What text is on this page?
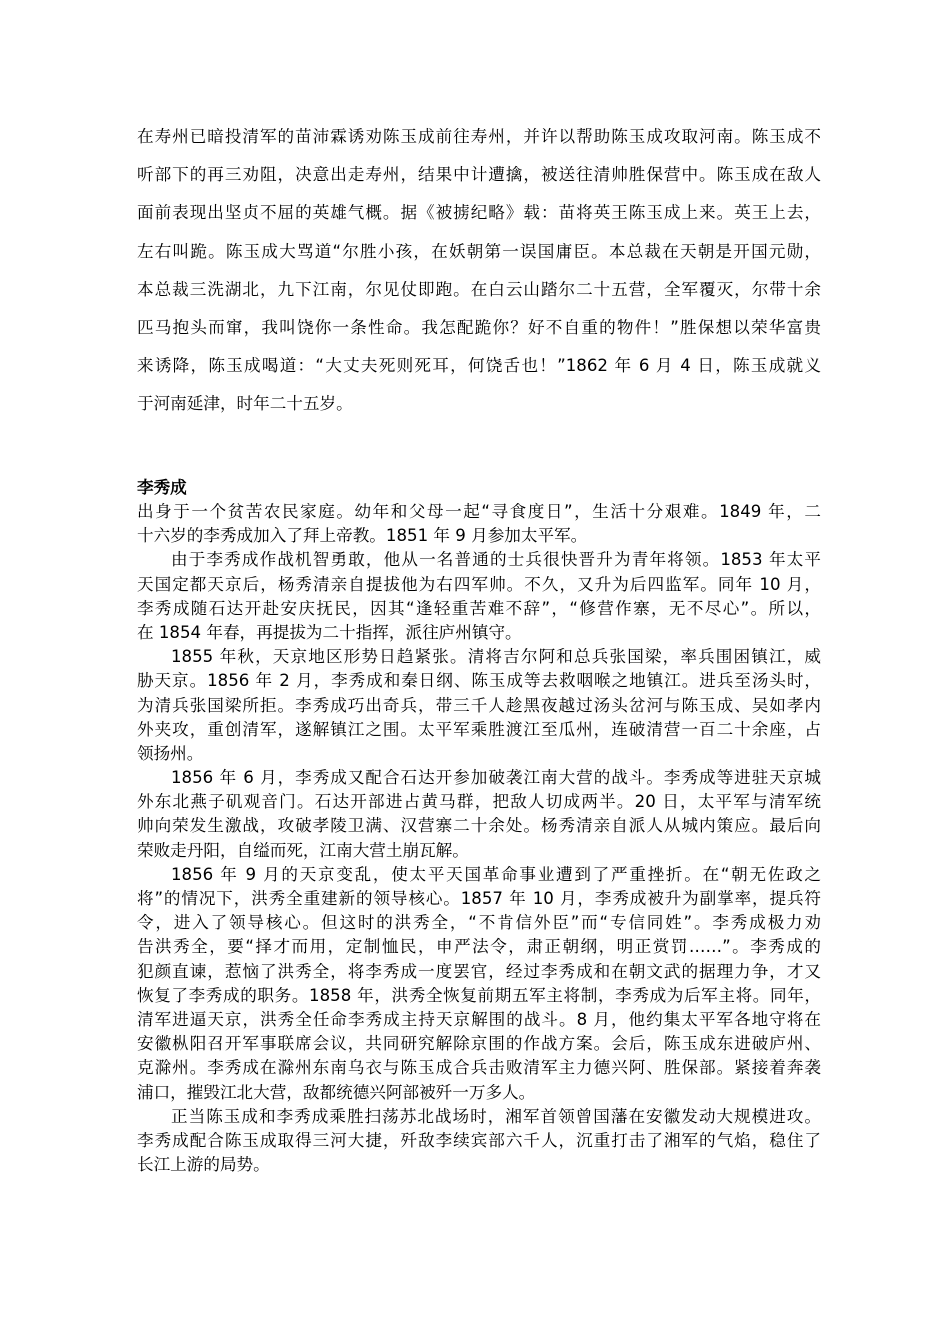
在寿州已暗投清军的苗沛霖诱劝陈玉成前往寿州，并许以帮助陈玉成攻取河南。陈玉成不
听部下的再三劝阻，决意出走寿州，结果中计遭擒，被送往清帅胜保营中。陈玉成在敌人
面前表现出坚贞不屈的英雄气概。据《被掳纪略》载：苗将英王陈玉成上来。英王上去，
左右叫跪。陈玉成大骂道“尔胜小孩，在妖朝第一误国庸臣。本总裁在天朝是开国元勋，
本总裁三洗湖北，九下江南，尔见仗即跑。在白云山踏尔二十五营，全军覆灭，尔带十余
匹马抱头而窜，我叫饶你一条性命。我怎配跪你？好不自重的物件！”胜保想以荣华富贵
来诱降，陈玉成喝道：“大丈夫死则死耳，何饶舌也！”1862 年 6 月 4 日，陈玉成就义
于河南延津，时年二十五岁。
李秀成
出身于一个贫苦农民家庭。幼年和父母一起“寻食度日”，生活十分艰难。1849 年，二
十六岁的李秀成加入了拜上帝教。1851 年 9 月参加太平军。
由于李秀成作战机智勇敢，他从一名普通的士兵很快晋升为青年将领。1853 年太平
天国定都天京后，杨秀清亲自提拔他为右四军帅。不久，又升为后四监军。同年 10 月，
李秀成随石达开赴安庆抚民，因其“逢轻重苦难不辞”，“修营作寨，无不尽心”。所以，
在 1854 年春，再提拔为二十指挥，派往庐州镇守。
1855 年秋，天京地区形势日趋紧张。清将吉尔阿和总兵张国梁，率兵围困镇江，威
胁天京。1856 年 2 月，李秀成和秦日纲、陈玉成等去救咽喉之地镇江。进兵至汤头时，
为清兵张国梁所拒。李秀成巧出奇兵，带三千人趁黑夜越过汤头岔河与陈玉成、吴如孝内
外夹攻，重创清军，遂解镇江之围。太平军乘胜渡江至瓜州，连破清营一百二十余座，占
领扬州。
1856 年 6 月，李秀成又配合石达开参加破袭江南大营的战斗。李秀成等进驻天京城
外东北燕子矶观音门。石达开部进占黄马群，把敌人切成两半。20 日，太平军与清军统
帅向荣发生激战，攻破孝陵卫满、汉营寨二十余处。杨秀清亲自派人从城内策应。最后向
荣败走丹阳，自缢而死，江南大营土崩瓦解。
1856 年 9 月的天京变乱，使太平天国革命事业遭到了严重挫折。在“朝无佐政之
将”的情况下，洪秀全重建新的领导核心。1857 年 10 月，李秀成被升为副掌率，提兵符
令，进入了领导核心。但这时的洪秀全，“不肯信外臣”而“专信同姓”。李秀成极力劝
告洪秀全，要“择才而用，定制恤民，申严法令，肃正朝纲，明正赏罚……”。李秀成的
犯颜直谏，惹恼了洪秀全，将李秀成一度罢官，经过李秀成和在朝文武的据理力争，才又
恢复了李秀成的职务。1858 年，洪秀全恢复前期五军主将制，李秀成为后军主将。同年，
清军进逼天京，洪秀全任命李秀成主持天京解围的战斗。8 月，他约集太平军各地守将在
安徽枞阳召开军事联席会议，共同研究解除京围的作战方案。会后，陈玉成东进破庐州、
克滁州。李秀成在滁州东南乌衣与陈玉成合兵击败清军主力德兴阿、胜保部。紧接着奔袭
浦口，摧毁江北大营，敌都统德兴阿部被歼一万多人。
正当陈玉成和李秀成乘胜扫荡苏北战场时，湘军首领曾国藩在安徽发动大规模进攻。
李秀成配合陈玉成取得三河大捷，歼敌李续宾部六千人，沉重打击了湘军的气焰，稳住了
长江上游的局势。
